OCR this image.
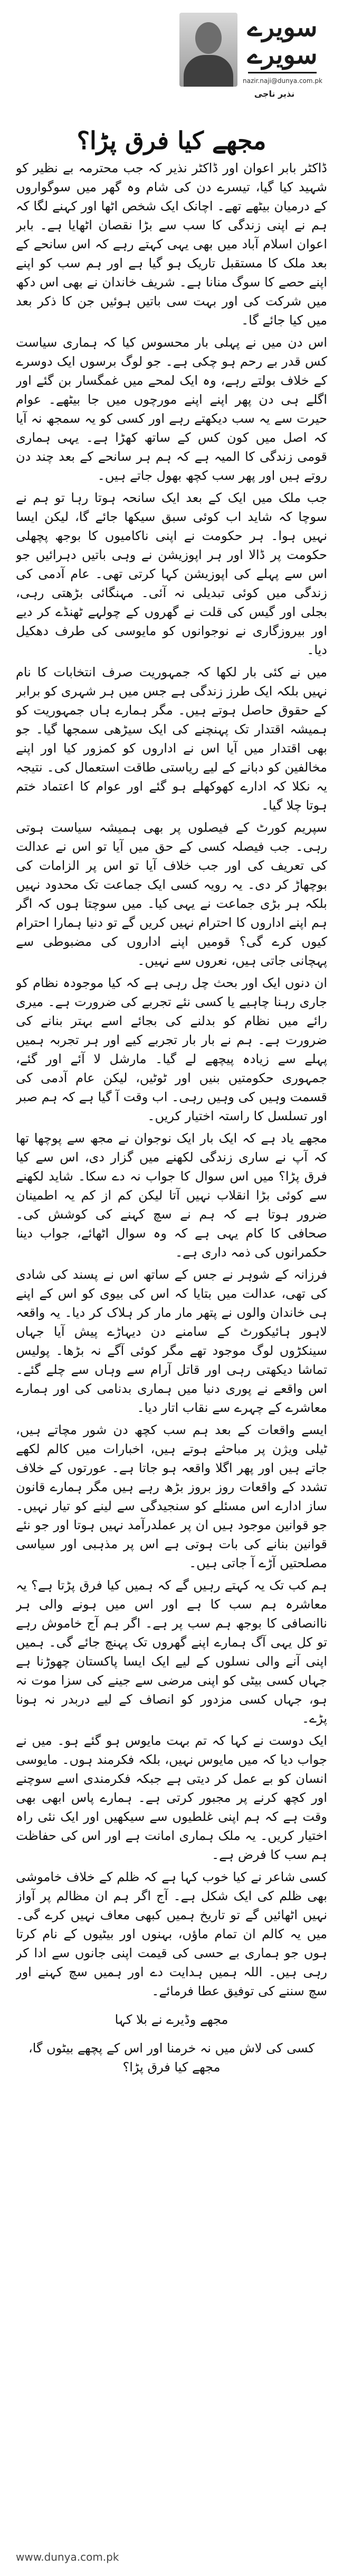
سویرے سویرے
nazir.naji@dunya.com.pk
نذیر ناجی
مجھے کیا فرق پڑا؟

ڈاکٹر بابر اعوان اور ڈاکٹر نذیر کہ جب محترمہ بے نظیر کو شہید کیا گیا، تیسرے دن کی شام وہ گھر میں سوگواروں کے درمیان بیٹھے تھے۔ اچانک ایک شخص اٹھا اور کہنے لگا کہ ہم نے اپنی زندگی کا سب سے بڑا نقصان اٹھایا ہے۔ بابر اعوان اسلام آباد میں بھی یہی کہتے رہے کہ اس سانحے کے بعد ملک کا مستقبل تاریک ہو گیا ہے اور ہم سب کو اپنے اپنے حصے کا سوگ منانا ہے۔ شریف خاندان نے بھی اس دکھ میں شرکت کی اور بہت سی باتیں ہوئیں جن کا ذکر بعد میں کیا جائے گا۔

اس دن میں نے پہلی بار محسوس کیا کہ ہماری سیاست کس قدر بے رحم ہو چکی ہے۔ جو لوگ برسوں ایک دوسرے کے خلاف بولتے رہے، وہ ایک لمحے میں غمگسار بن گئے اور اگلے ہی دن پھر اپنے اپنے مورچوں میں جا بیٹھے۔ عوام حیرت سے یہ سب دیکھتے رہے اور کسی کو یہ سمجھ نہ آیا کہ اصل میں کون کس کے ساتھ کھڑا ہے۔ یہی ہماری قومی زندگی کا المیہ ہے کہ ہم ہر سانحے کے بعد چند دن روتے ہیں اور پھر سب کچھ بھول جاتے ہیں۔

جب ملک میں ایک کے بعد ایک سانحہ ہوتا رہا تو ہم نے سوچا کہ شاید اب کوئی سبق سیکھا جائے گا، لیکن ایسا نہیں ہوا۔ ہر حکومت نے اپنی ناکامیوں کا بوجھ پچھلی حکومت پر ڈالا اور ہر اپوزیشن نے وہی باتیں دہرائیں جو اس سے پہلے کی اپوزیشن کہا کرتی تھی۔ عام آدمی کی زندگی میں کوئی تبدیلی نہ آئی۔ مہنگائی بڑھتی رہی، بجلی اور گیس کی قلت نے گھروں کے چولہے ٹھنڈے کر دیے اور بیروزگاری نے نوجوانوں کو مایوسی کی طرف دھکیل دیا۔

میں نے کئی بار لکھا کہ جمہوریت صرف انتخابات کا نام نہیں بلکہ ایک طرز زندگی ہے جس میں ہر شہری کو برابر کے حقوق حاصل ہوتے ہیں۔ مگر ہمارے ہاں جمہوریت کو ہمیشہ اقتدار تک پہنچنے کی ایک سیڑھی سمجھا گیا۔ جو بھی اقتدار میں آیا اس نے اداروں کو کمزور کیا اور اپنے مخالفین کو دبانے کے لیے ریاستی طاقت استعمال کی۔ نتیجہ یہ نکلا کہ ادارے کھوکھلے ہو گئے اور عوام کا اعتماد ختم ہوتا چلا گیا۔

سپریم کورٹ کے فیصلوں پر بھی ہمیشہ سیاست ہوتی رہی۔ جب فیصلہ کسی کے حق میں آیا تو اس نے عدالت کی تعریف کی اور جب خلاف آیا تو اس پر الزامات کی بوچھاڑ کر دی۔ یہ رویہ کسی ایک جماعت تک محدود نہیں بلکہ ہر بڑی جماعت نے یہی کیا۔ میں سوچتا ہوں کہ اگر ہم اپنے اداروں کا احترام نہیں کریں گے تو دنیا ہمارا احترام کیوں کرے گی؟ قومیں اپنے اداروں کی مضبوطی سے پہچانی جاتی ہیں، نعروں سے نہیں۔

ان دنوں ایک اور بحث چل رہی ہے کہ کیا موجودہ نظام کو جاری رہنا چاہیے یا کسی نئے تجربے کی ضرورت ہے۔ میری رائے میں نظام کو بدلنے کی بجائے اسے بہتر بنانے کی ضرورت ہے۔ ہم نے بار بار تجربے کیے اور ہر تجربہ ہمیں پہلے سے زیادہ پیچھے لے گیا۔ مارشل لا آئے اور گئے، جمہوری حکومتیں بنیں اور ٹوٹیں، لیکن عام آدمی کی قسمت وہیں کی وہیں رہی۔ اب وقت آ گیا ہے کہ ہم صبر اور تسلسل کا راستہ اختیار کریں۔

مجھے یاد ہے کہ ایک بار ایک نوجوان نے مجھ سے پوچھا تھا کہ آپ نے ساری زندگی لکھنے میں گزار دی، اس سے کیا فرق پڑا؟ میں اس سوال کا جواب نہ دے سکا۔ شاید لکھنے سے کوئی بڑا انقلاب نہیں آتا لیکن کم از کم یہ اطمینان ضرور ہوتا ہے کہ ہم نے سچ کہنے کی کوشش کی۔ صحافی کا کام یہی ہے کہ وہ سوال اٹھائے، جواب دینا حکمرانوں کی ذمہ داری ہے۔

فرزانہ کے شوہر نے جس کے ساتھ اس نے پسند کی شادی کی تھی، عدالت میں بتایا کہ اس کی بیوی کو اس کے اپنے ہی خاندان والوں نے پتھر مار مار کر ہلاک کر دیا۔ یہ واقعہ لاہور ہائیکورٹ کے سامنے دن دیہاڑے پیش آیا جہاں سینکڑوں لوگ موجود تھے مگر کوئی آگے نہ بڑھا۔ پولیس تماشا دیکھتی رہی اور قاتل آرام سے وہاں سے چلے گئے۔ اس واقعے نے پوری دنیا میں ہماری بدنامی کی اور ہمارے معاشرے کے چہرے سے نقاب اتار دیا۔

ایسے واقعات کے بعد ہم سب کچھ دن شور مچاتے ہیں، ٹیلی ویژن پر مباحثے ہوتے ہیں، اخبارات میں کالم لکھے جاتے ہیں اور پھر اگلا واقعہ ہو جاتا ہے۔ عورتوں کے خلاف تشدد کے واقعات روز بروز بڑھ رہے ہیں مگر ہمارے قانون ساز ادارے اس مسئلے کو سنجیدگی سے لینے کو تیار نہیں۔ جو قوانین موجود ہیں ان پر عملدرآمد نہیں ہوتا اور جو نئے قوانین بنانے کی بات ہوتی ہے اس پر مذہبی اور سیاسی مصلحتیں آڑے آ جاتی ہیں۔

ہم کب تک یہ کہتے رہیں گے کہ ہمیں کیا فرق پڑتا ہے؟ یہ معاشرہ ہم سب کا ہے اور اس میں ہونے والی ہر ناانصافی کا بوجھ ہم سب پر ہے۔ اگر ہم آج خاموش رہے تو کل یہی آگ ہمارے اپنے گھروں تک پہنچ جائے گی۔ ہمیں اپنی آنے والی نسلوں کے لیے ایک ایسا پاکستان چھوڑنا ہے جہاں کسی بیٹی کو اپنی مرضی سے جینے کی سزا موت نہ ہو، جہاں کسی مزدور کو انصاف کے لیے دربدر نہ ہونا پڑے۔

ایک دوست نے کہا کہ تم بہت مایوس ہو گئے ہو۔ میں نے جواب دیا کہ میں مایوس نہیں، بلکہ فکرمند ہوں۔ مایوسی انسان کو بے عمل کر دیتی ہے جبکہ فکرمندی اسے سوچنے اور کچھ کرنے پر مجبور کرتی ہے۔ ہمارے پاس ابھی بھی وقت ہے کہ ہم اپنی غلطیوں سے سیکھیں اور ایک نئی راہ اختیار کریں۔ یہ ملک ہماری امانت ہے اور اس کی حفاظت ہم سب کا فرض ہے۔

کسی شاعر نے کیا خوب کہا ہے کہ ظلم کے خلاف خاموشی بھی ظلم کی ایک شکل ہے۔ آج اگر ہم ان مظالم پر آواز نہیں اٹھائیں گے تو تاریخ ہمیں کبھی معاف نہیں کرے گی۔ میں یہ کالم ان تمام ماؤں، بہنوں اور بیٹیوں کے نام کرتا ہوں جو ہماری بے حسی کی قیمت اپنی جانوں سے ادا کر رہی ہیں۔ اللہ ہمیں ہدایت دے اور ہمیں سچ کہنے اور سچ سننے کی توفیق عطا فرمائے۔

مجھے وڈیرے نے بلا کہا

کسی کی لاش میں نہ خرمنا اور اس کے پچھے بیٹوں گا، مجھے کیا فرق پڑا؟

www.dunya.com.pk
